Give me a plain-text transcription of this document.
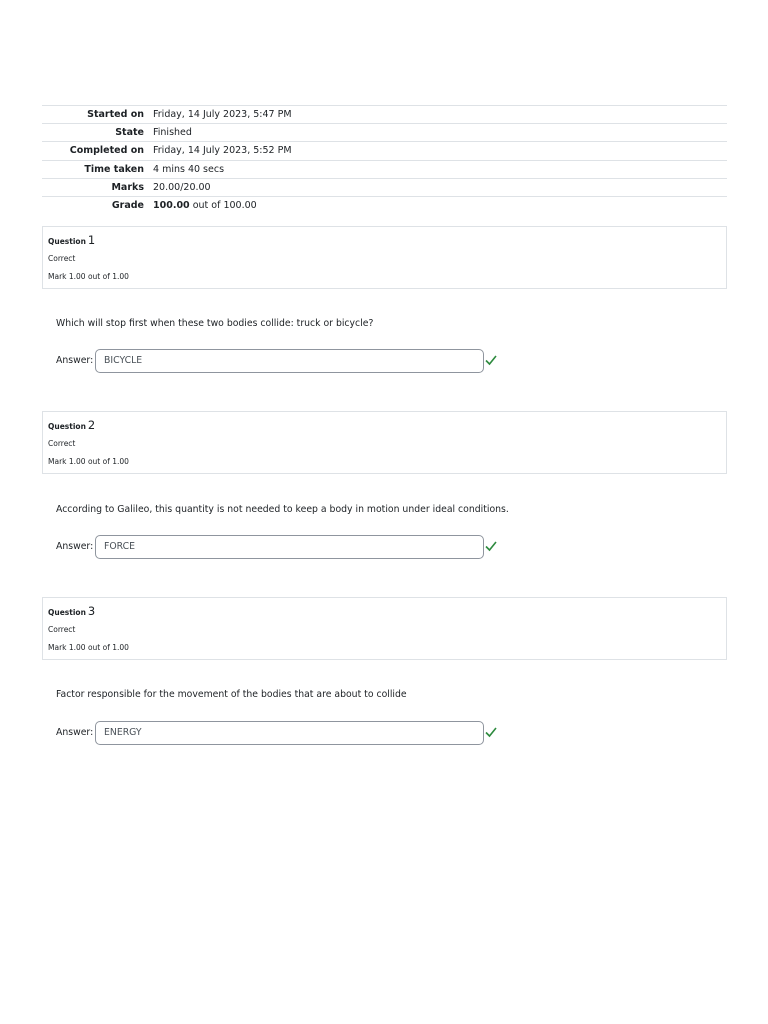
Started on	Friday, 14 July 2023, 5:47 PM
State	Finished
Completed on	Friday, 14 July 2023, 5:52 PM
Time taken	4 mins 40 secs
Marks	20.00/20.00
Grade	100.00 out of 100.00
Question 1
Correct
Mark 1.00 out of 1.00
Which will stop first when these two bodies collide: truck or bicycle?
Answer:	BICYCLE
Question 2
Correct
Mark 1.00 out of 1.00
According to Galileo, this quantity is not needed to keep a body in motion under ideal conditions.
Answer:	FORCE
Question 3
Correct
Mark 1.00 out of 1.00
Factor responsible for the movement of the bodies that are about to collide
Answer:	ENERGY
